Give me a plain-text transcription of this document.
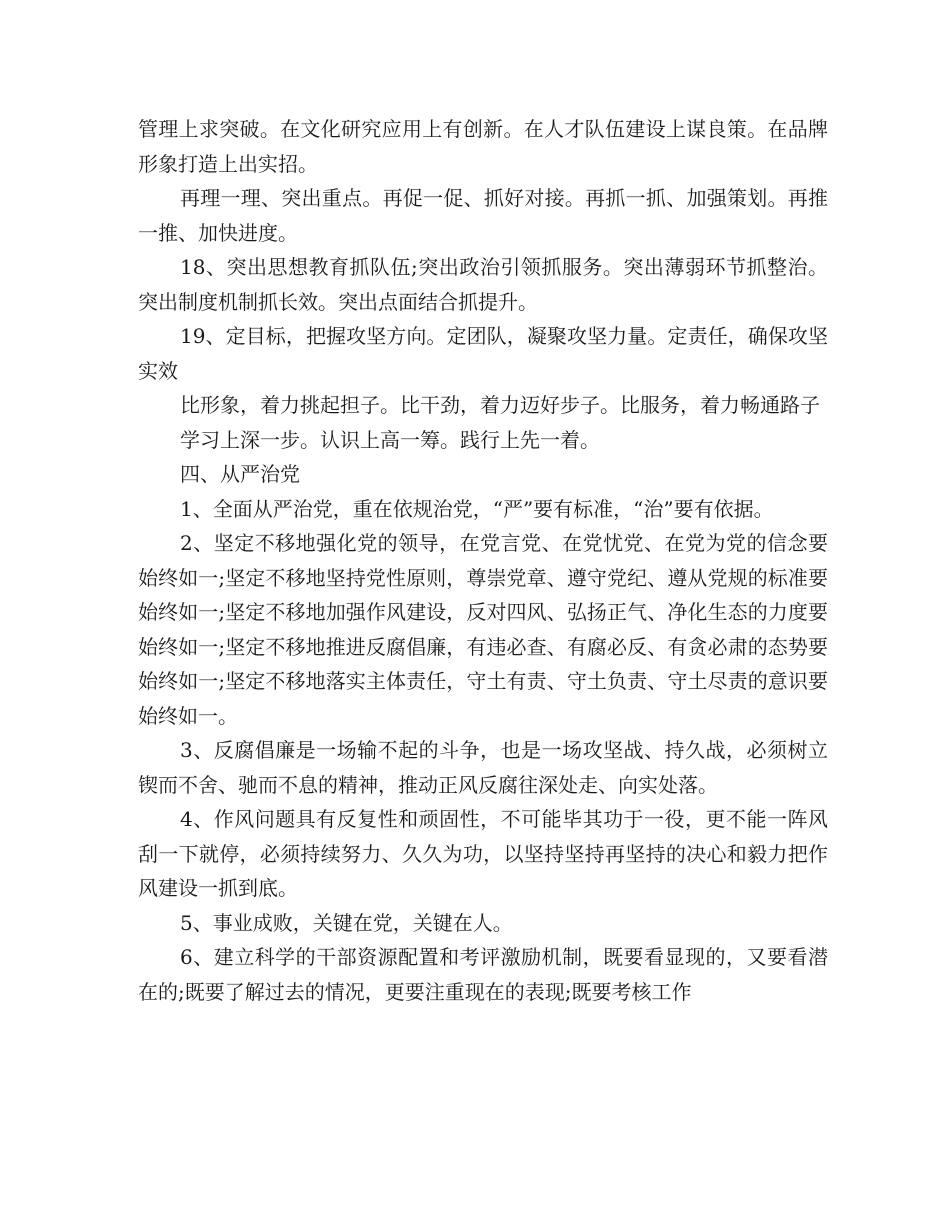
管理上求突破。在文化研究应用上有创新。在人才队伍建设上谋良策。在品牌形象打造上出实招。

再理一理、突出重点。再促一促、抓好对接。再抓一抓、加强策划。再推一推、加快进度。

18、突出思想教育抓队伍;突出政治引领抓服务。突出薄弱环节抓整治。突出制度机制抓长效。突出点面结合抓提升。

19、定目标，把握攻坚方向。定团队，凝聚攻坚力量。定责任，确保攻坚实效

比形象，着力挑起担子。比干劲，着力迈好步子。比服务，着力畅通路子

学习上深一步。认识上高一筹。践行上先一着。

四、从严治党

1、全面从严治党，重在依规治党，“严”要有标准，“治”要有依据。

2、坚定不移地强化党的领导，在党言党、在党忧党、在党为党的信念要始终如一;坚定不移地坚持党性原则，尊崇党章、遵守党纪、遵从党规的标准要始终如一;坚定不移地加强作风建设，反对四风、弘扬正气、净化生态的力度要始终如一;坚定不移地推进反腐倡廉，有违必查、有腐必反、有贪必肃的态势要始终如一;坚定不移地落实主体责任，守土有责、守土负责、守土尽责的意识要始终如一。

3、反腐倡廉是一场输不起的斗争，也是一场攻坚战、持久战，必须树立锲而不舍、驰而不息的精神，推动正风反腐往深处走、向实处落。

4、作风问题具有反复性和顽固性，不可能毕其功于一役，更不能一阵风刮一下就停，必须持续努力、久久为功，以坚持坚持再坚持的决心和毅力把作风建设一抓到底。

5、事业成败，关键在党，关键在人。

6、建立科学的干部资源配置和考评激励机制，既要看显现的，又要看潜在的;既要了解过去的情况，更要注重现在的表现;既要考核工作
